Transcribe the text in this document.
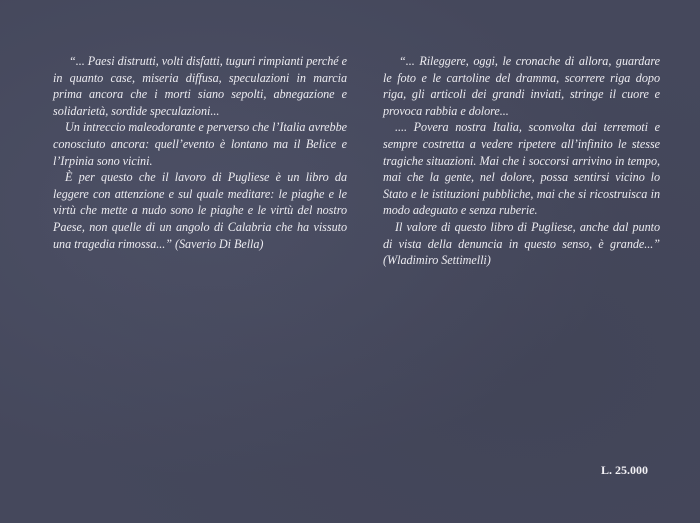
“... Paesi distrutti, volti disfatti, tuguri rimpianti perché e in quanto case, miseria diffusa, speculazioni in marcia prima ancora che i morti siano sepolti, abnegazione e solidarietà, sordide speculazioni...

Un intreccio maleodorante e perverso che l’Italia avrebbe conosciuto ancora: quell’evento è lontano ma il Belice e l’Irpinia sono vicini.

È per questo che il lavoro di Pugliese è un libro da leggere con attenzione e sul quale meditare: le piaghe e le virtù che mette a nudo sono le piaghe e le virtù del nostro Paese, non quelle di un angolo di Calabria che ha vissuto una tragedia rimossa...” (Saverio Di Bella)

“... Rileggere, oggi, le cronache di allora, guardare le foto e le cartoline del dramma, scorrere riga dopo riga, gli articoli dei grandi inviati, stringe il cuore e provoca rabbia e dolore...

.... Povera nostra Italia, sconvolta dai terremoti e sempre costretta a vedere ripetere all’infinito le stesse tragiche situazioni. Mai che i soccorsi arrivino in tempo, mai che la gente, nel dolore, possa sentirsi vicino lo Stato e le istituzioni pubbliche, mai che si ricostruisca in modo adeguato e senza ruberie.

Il valore di questo libro di Pugliese, anche dal punto di vista della denuncia in questo senso, è grande...” (Wladimiro Settimelli)

L. 25.000
